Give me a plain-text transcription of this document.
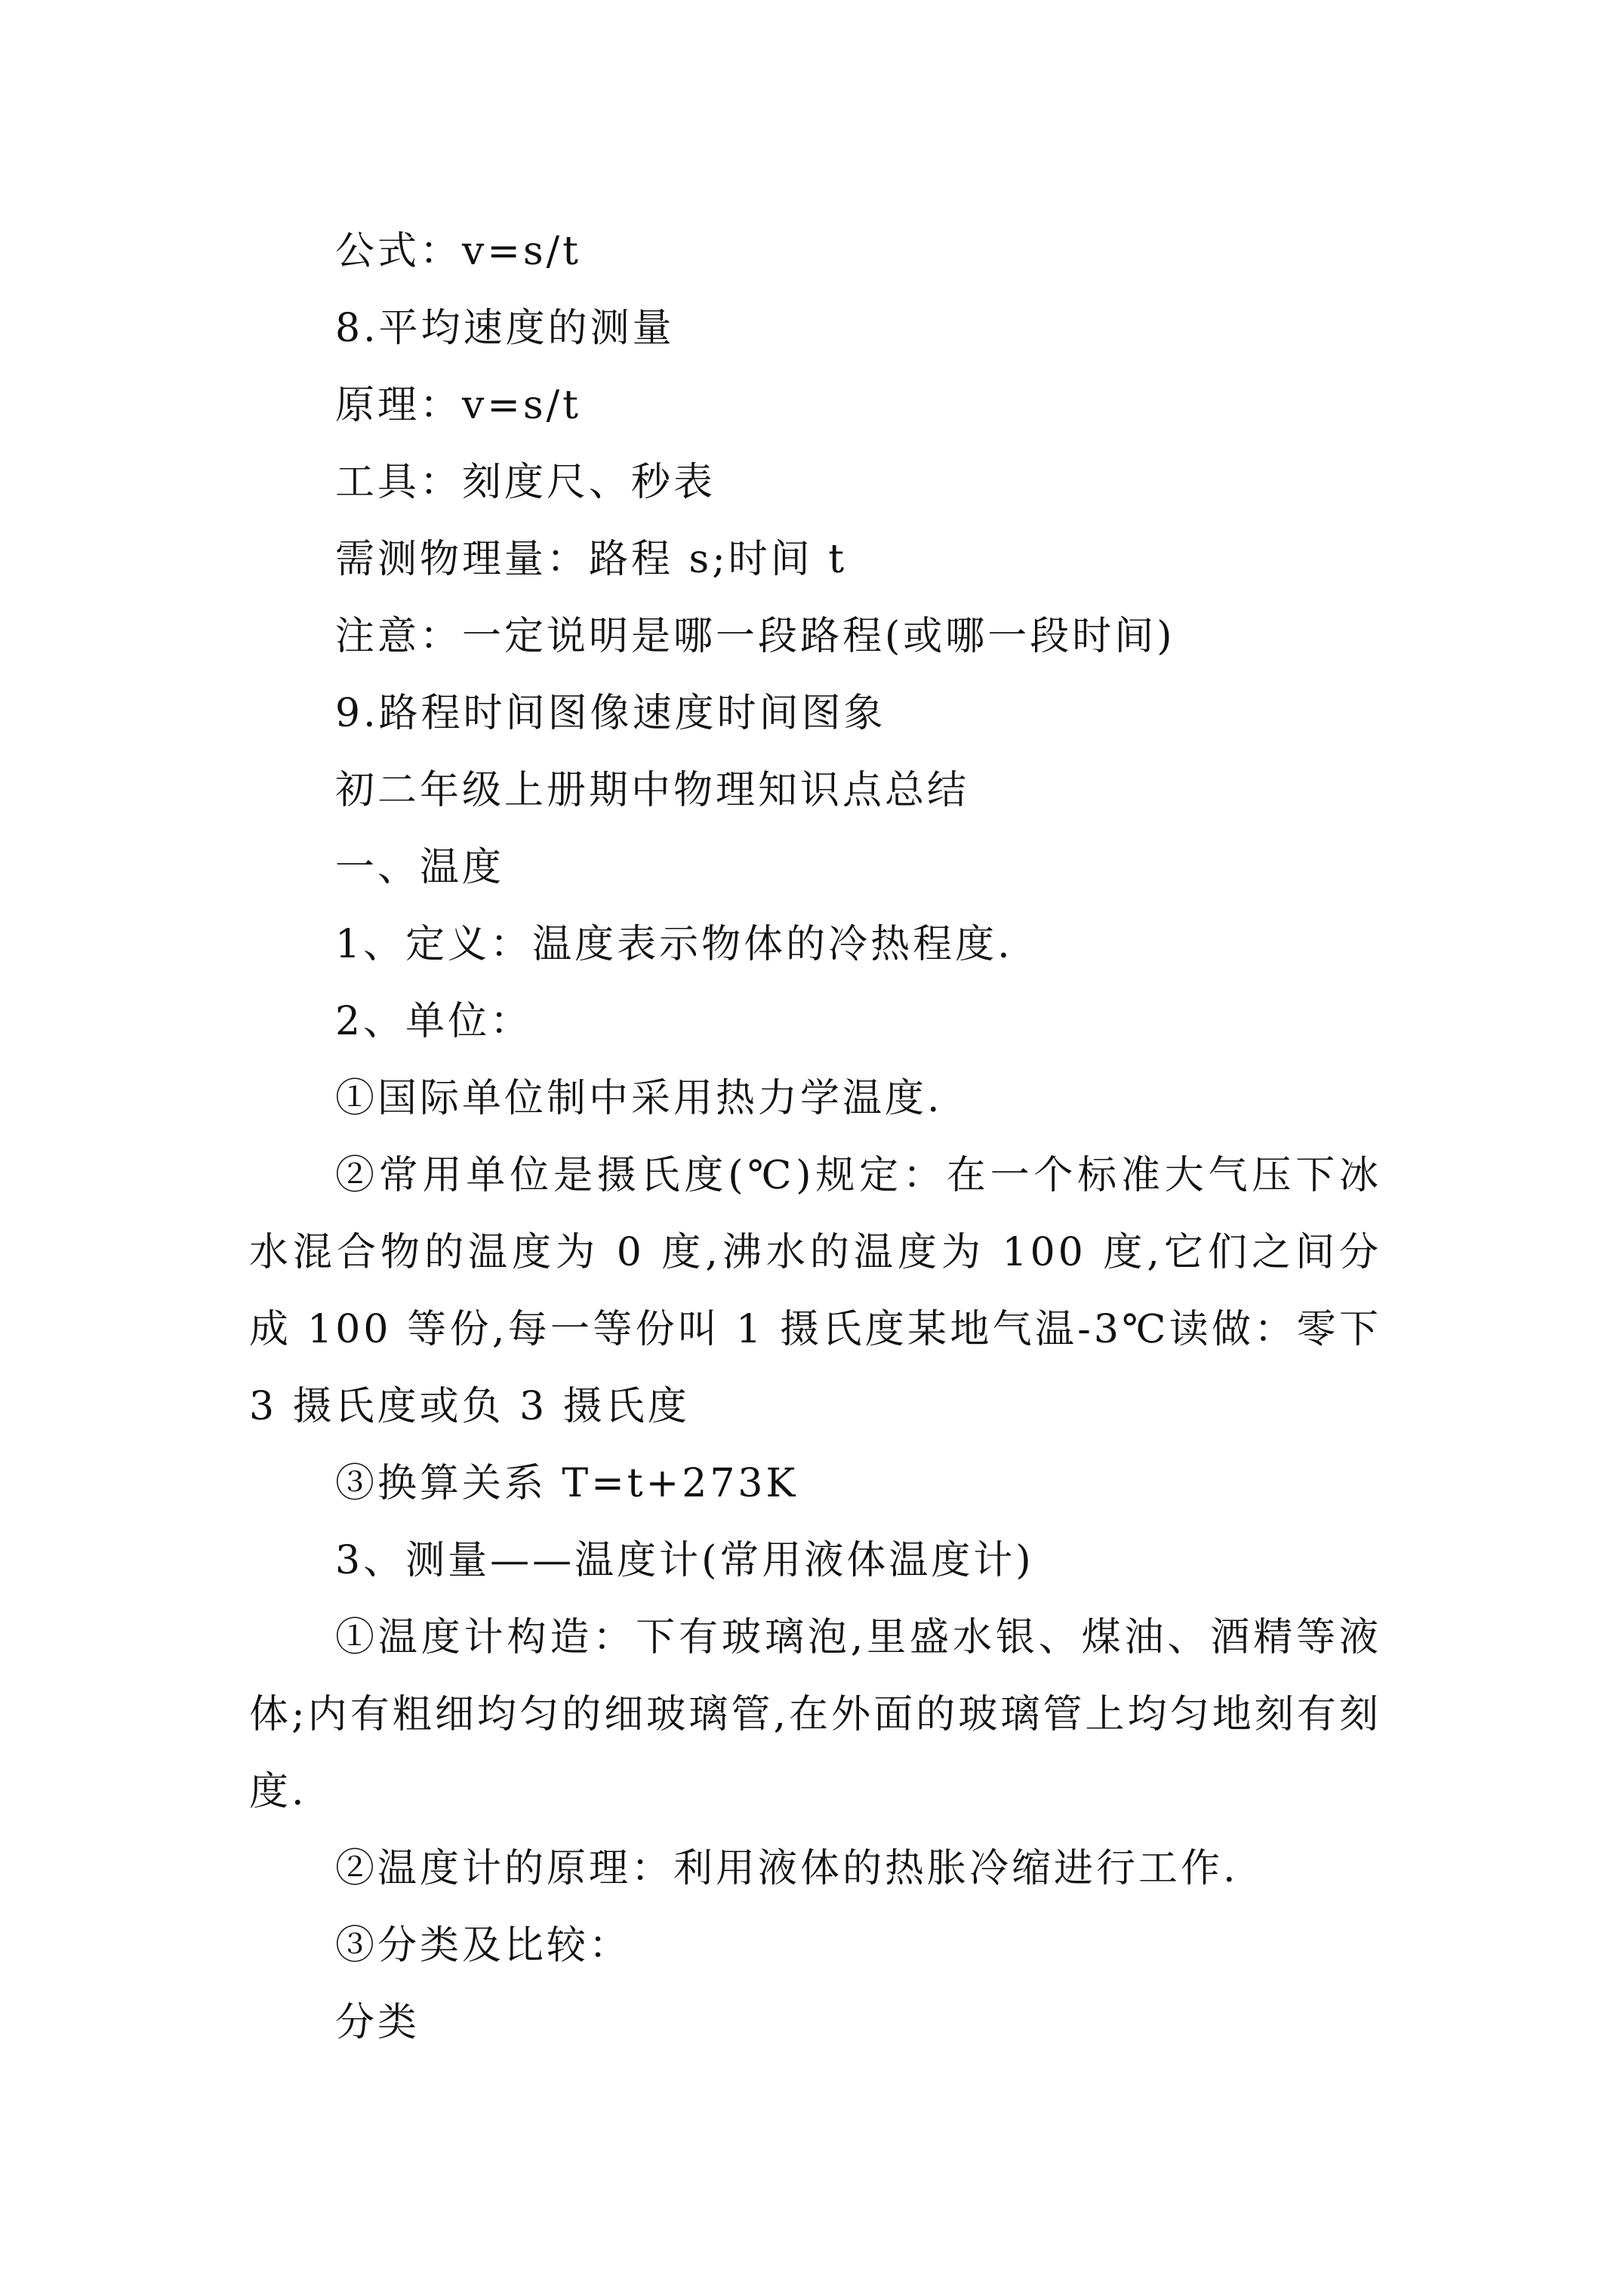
公式：v=s/t
8.平均速度的测量
原理：v=s/t
工具：刻度尺、秒表
需测物理量：路程 s;时间 t
注意：一定说明是哪一段路程(或哪一段时间)
9.路程时间图像速度时间图象
初二年级上册期中物理知识点总结
一、温度
1、定义：温度表示物体的冷热程度.
2、单位：
①国际单位制中采用热力学温度.
②常用单位是摄氏度(℃)规定：在一个标准大气压下冰水混合物的温度为 0 度,沸水的温度为 100 度,它们之间分成 100 等份,每一等份叫 1 摄氏度某地气温-3℃读做：零下 3 摄氏度或负 3 摄氏度
③换算关系 T=t+273K
3、测量——温度计(常用液体温度计)
①温度计构造：下有玻璃泡,里盛水银、煤油、酒精等液体;内有粗细均匀的细玻璃管,在外面的玻璃管上均匀地刻有刻度.
②温度计的原理：利用液体的热胀冷缩进行工作.
③分类及比较：
分类
